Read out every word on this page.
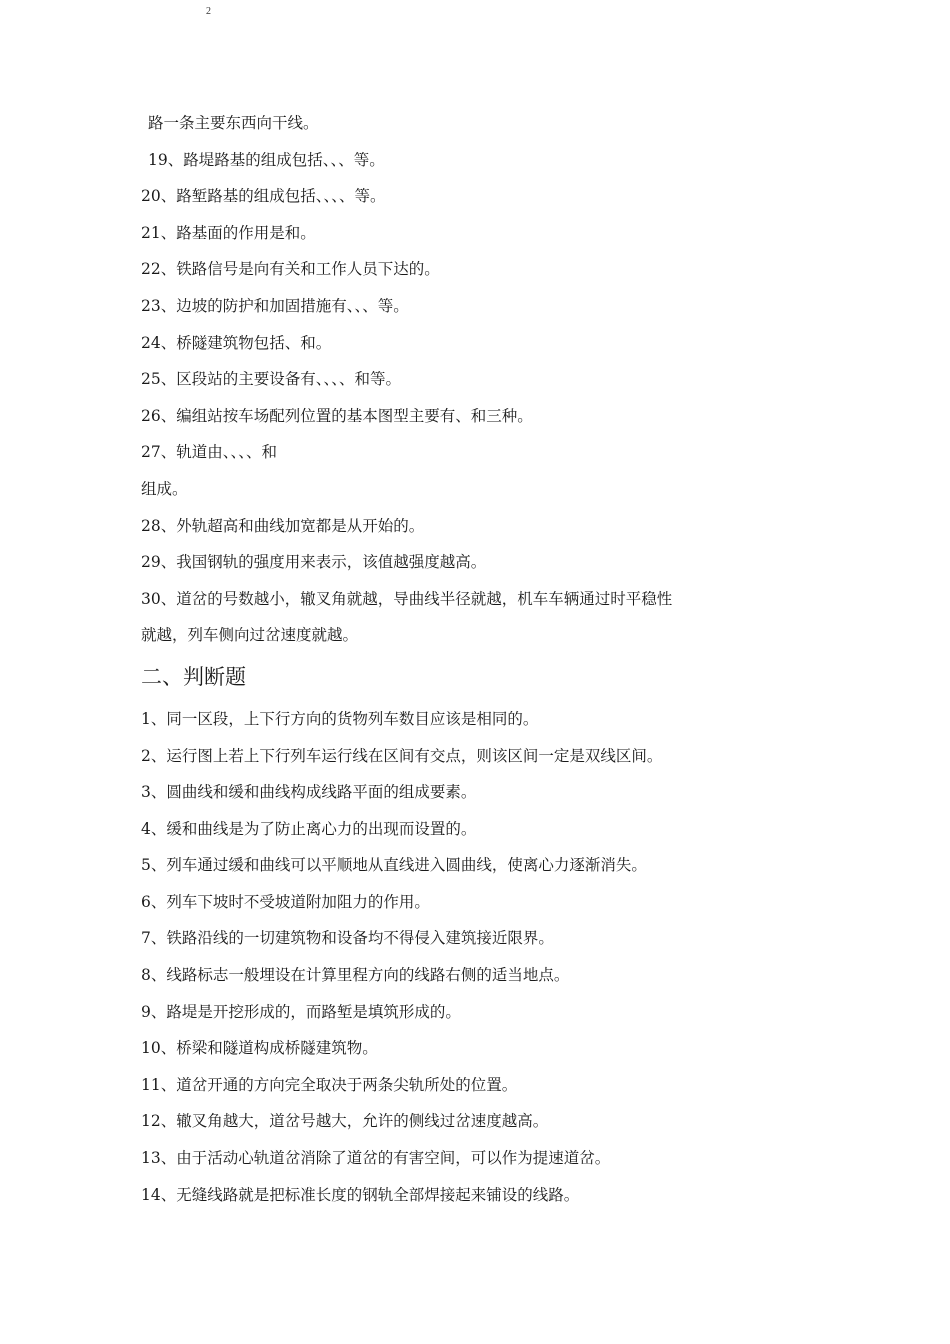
2
路一条主要东西向干线。
19、路堤路基的组成包括、、、等。
20、路堑路基的组成包括、、、、等。
21、路基面的作用是和。
22、铁路信号是向有关和工作人员下达的。
23、边坡的防护和加固措施有、、、等。
24、桥隧建筑物包括、和。
25、区段站的主要设备有、、、、和等。
26、编组站按车场配列位置的基本图型主要有、和三种。
27、轨道由、、、、和
组成。
28、外轨超高和曲线加宽都是从开始的。
29、我国钢轨的强度用来表示，该值越强度越高。
30、道岔的号数越小，辙叉角就越，导曲线半径就越，机车车辆通过时平稳性
就越，列车侧向过岔速度就越。
二、判断题
1、同一区段，上下行方向的货物列车数目应该是相同的。
2、运行图上若上下行列车运行线在区间有交点，则该区间一定是双线区间。
3、圆曲线和缓和曲线构成线路平面的组成要素。
4、缓和曲线是为了防止离心力的出现而设置的。
5、列车通过缓和曲线可以平顺地从直线进入圆曲线，使离心力逐渐消失。
6、列车下坡时不受坡道附加阻力的作用。
7、铁路沿线的一切建筑物和设备均不得侵入建筑接近限界。
8、线路标志一般埋设在计算里程方向的线路右侧的适当地点。
9、路堤是开挖形成的，而路堑是填筑形成的。
10、桥梁和隧道构成桥隧建筑物。
11、道岔开通的方向完全取决于两条尖轨所处的位置。
12、辙叉角越大，道岔号越大，允许的侧线过岔速度越高。
13、由于活动心轨道岔消除了道岔的有害空间，可以作为提速道岔。
14、无缝线路就是把标准长度的钢轨全部焊接起来铺设的线路。
